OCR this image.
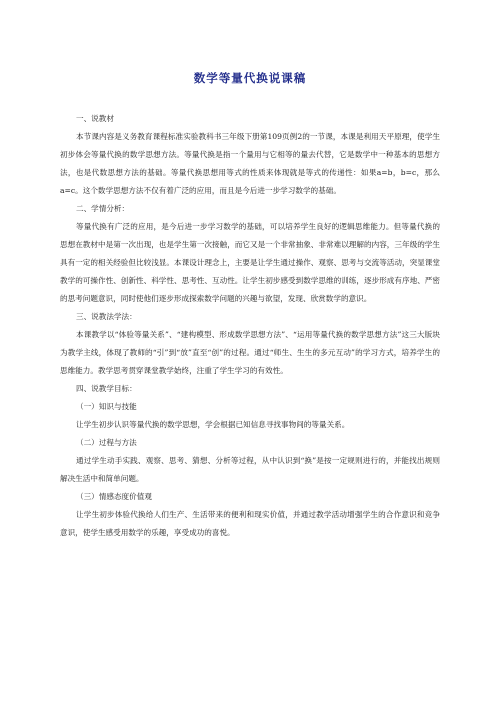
数学等量代换说课稿

一、说教材

本节课内容是义务教育课程标准实验教科书三年级下册第109页例2的一节课，本课是利用天平原理，使学生初步体会等量代换的数学思想方法。等量代换是指一个量用与它相等的量去代替，它是数学中一种基本的思想方法，也是代数思想方法的基础。等量代换思想用等式的性质来体现就是等式的传递性：如果a=b，b=c，那么a=c。这个数学思想方法不仅有着广泛的应用，而且是今后进一步学习数学的基础。

二、学情分析：

等量代换有广泛的应用，是今后进一步学习数学的基础，可以培养学生良好的逻辑思维能力。但等量代换的思想在教材中是第一次出现，也是学生第一次接触，而它又是一个非常抽象、非常难以理解的内容，三年级的学生具有一定的相关经验但比较浅显。本课设计理念上，主要是让学生通过操作、观察、思考与交流等活动，突显课堂教学的可操作性、创新性、科学性、思考性、互动性。让学生初步感受到数学思维的训练，逐步形成有序地、严密的思考问题意识，同时使他们逐步形成探索数学问题的兴趣与欲望，发现、欣赏数学的意识。

三、说教法学法：

本课教学以“体验等量关系”、“建构模型、形成数学思想方法”、“运用等量代换的数学思想方法”这三大版块为教学主线，体现了教师的“引”到“放”直至“创”的过程。通过“师生、生生的多元互动”的学习方式，培养学生的思维能力。教学思考贯穿课堂教学始终，注重了学生学习的有效性。

四、说教学目标：

（一）知识与技能

让学生初步认识等量代换的数学思想，学会根据已知信息寻找事物间的等量关系。

（二）过程与方法

通过学生动手实践、观察、思考、猜想、分析等过程，从中认识到“换”是按一定规则进行的，并能找出规则解决生活中和简单问题。

（三）情感态度价值观

让学生初步体验代换给人们生产、生活带来的便利和现实价值，并通过教学活动增强学生的合作意识和竞争意识，使学生感受用数学的乐趣，享受成功的喜悦。
